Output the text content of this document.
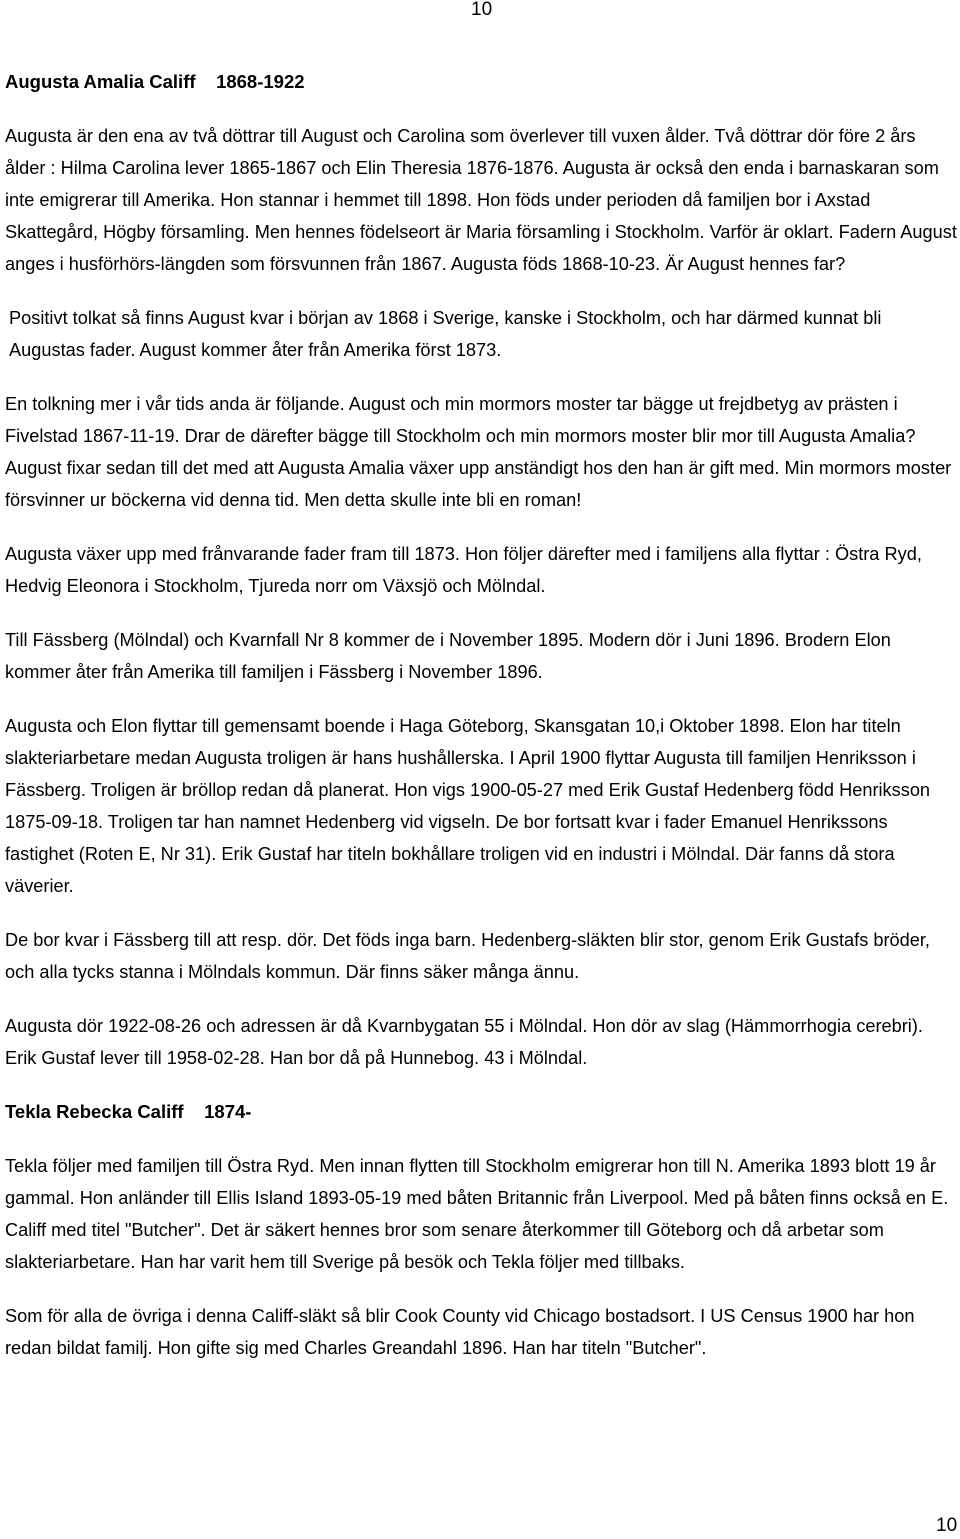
10
Augusta Amalia Califf    1868-1922

Augusta är den ena av två döttrar till August och Carolina som överlever till vuxen ålder. Två döttrar dör före 2 års ålder : Hilma Carolina lever 1865-1867 och Elin Theresia 1876-1876. Augusta är också den enda i barnaskaran som inte emigrerar till Amerika. Hon stannar i hemmet till 1898. Hon föds under perioden då familjen bor i Axstad Skattegård, Högby församling. Men hennes födelseort är Maria församling i Stockholm. Varför är oklart. Fadern August anges i husförhörs-längden som försvunnen från 1867. Augusta föds 1868-10-23. Är August hennes far?

Positivt tolkat så finns August kvar i början av 1868 i Sverige, kanske i Stockholm, och har därmed kunnat bli Augustas fader. August kommer åter från Amerika först 1873.

En tolkning mer i vår tids anda är följande. August och min mormors moster tar bägge ut frejdbetyg av prästen i Fivelstad 1867-11-19. Drar de därefter bägge till Stockholm och min mormors moster blir mor till Augusta Amalia? August fixar sedan till det med att Augusta Amalia växer upp anständigt hos den han är gift med. Min mormors moster försvinner ur böckerna vid denna tid. Men detta skulle inte bli en roman!

Augusta växer upp med frånvarande fader fram till 1873. Hon följer därefter med i familjens alla flyttar : Östra Ryd, Hedvig Eleonora i Stockholm, Tjureda norr om Växsjö och Mölndal.

Till Fässberg (Mölndal) och Kvarnfall Nr 8 kommer de i November 1895. Modern dör i Juni 1896. Brodern Elon kommer åter från Amerika till familjen i Fässberg i November 1896.

Augusta och Elon flyttar till gemensamt boende i Haga Göteborg, Skansgatan 10,i Oktober 1898. Elon har titeln slakteriarbetare medan Augusta troligen är hans hushållerska. I April 1900 flyttar Augusta till familjen Henriksson i Fässberg. Troligen är bröllop redan då planerat. Hon vigs 1900-05-27 med Erik Gustaf Hedenberg född Henriksson 1875-09-18. Troligen tar han namnet Hedenberg vid vigseln. De bor fortsatt kvar i fader Emanuel Henrikssons fastighet (Roten E, Nr 31). Erik Gustaf har titeln bokhållare troligen vid en industri i Mölndal. Där fanns då stora väverier.

De bor kvar i Fässberg till att resp. dör. Det föds inga barn. Hedenberg-släkten blir stor, genom Erik Gustafs bröder, och alla tycks stanna i Mölndals kommun. Där finns säker många ännu.

Augusta dör 1922-08-26 och adressen är då Kvarnbygatan 55 i Mölndal. Hon dör av slag (Hämmorrhogia cerebri). Erik Gustaf lever till 1958-02-28. Han bor då på Hunnebog. 43 i Mölndal.

Tekla Rebecka Califf    1874-

Tekla följer med familjen till Östra Ryd. Men innan flytten till Stockholm emigrerar hon till N. Amerika 1893 blott 19 år gammal. Hon anländer till Ellis Island 1893-05-19 med båten Britannic från Liverpool. Med på båten finns också en E. Califf med titel "Butcher". Det är säkert hennes bror som senare återkommer till Göteborg och då arbetar som slakteriarbetare. Han har varit hem till Sverige på besök och Tekla följer med tillbaks.

Som för alla de övriga i denna Califf-släkt så blir Cook County vid Chicago bostadsort. I US Census 1900 har hon redan bildat familj. Hon gifte sig med Charles Greandahl 1896. Han har titeln "Butcher".

10
